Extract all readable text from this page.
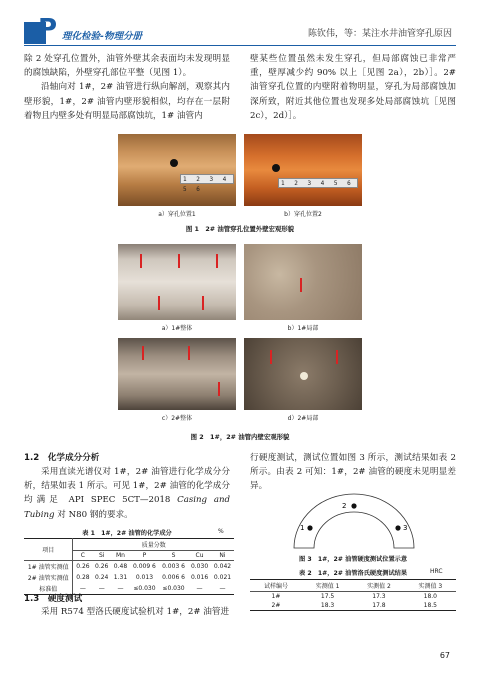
P 理化检验-物理分册	陈钦伟，等：某注水井油管穿孔原因

除 2 处穿孔位置外，油管外壁其余表面均未发现明显的腐蚀缺陷，外壁穿孔部位平整（见图 1）。

沿轴向对 1#，2# 油管进行纵向解剖，观察其内壁形貌，1#，2# 油管内壁形貌相似，均存在一层附着物且内壁多处有明显局部腐蚀坑，1# 油管内

壁某些位置虽然未发生穿孔，但局部腐蚀已非常严重，壁厚减少约 90% 以上［见图 2a），2b）］。2# 油管穿孔位置的内壁附着物明显，穿孔为局部腐蚀加深所致，附近其他位置也发现多处局部腐蚀坑［见图 2c），2d）］。

1 2 3 4 5 6
1 2 3 4 5 6
a）穿孔位置1	b）穿孔位置2
图 1　2# 油管穿孔位置外壁宏观形貌
a）1#整体	b）1#局部
c）2#整体	d）2#局部
图 2　1#，2# 油管内壁宏观形貌
1.2　化学成分分析
采用直读光谱仪对 1#，2# 油管进行化学成分分析，结果如表 1 所示。可见 1#，2# 油管的化学成分均满足 API SPEC 5CT—2018 Casing and Tubing 对 N80 钢的要求。
表 1　1#，2# 油管的化学成分	%
项目	质量分数						
	C	Si	Mn	P	S	Cu	Ni
1# 油管实测值	0.26	0.26	0.48	0.009 6	0.003 6	0.030	0.042
2# 油管实测值	0.28	0.24	1.31	0.013	0.006 6	0.016	0.021
标准值	—	—	—	≤0.030	≤0.030	—	—
1.3　硬度测试
采用 R574 型洛氏硬度试验机对 1#，2# 油管进

行硬度测试，测试位置如图 3 所示，测试结果如表 2 所示。由表 2 可知：1#，2# 油管的硬度未见明显差异。

1
2
3
图 3　1#，2# 油管硬度测试位置示意
表 2　1#，2# 油管洛氏硬度测试结果	HRC
试样编号	实测值 1	实测值 2	实测值 3
1#	17.5	17.3	18.0
2#	18.3	17.8	18.5
67
